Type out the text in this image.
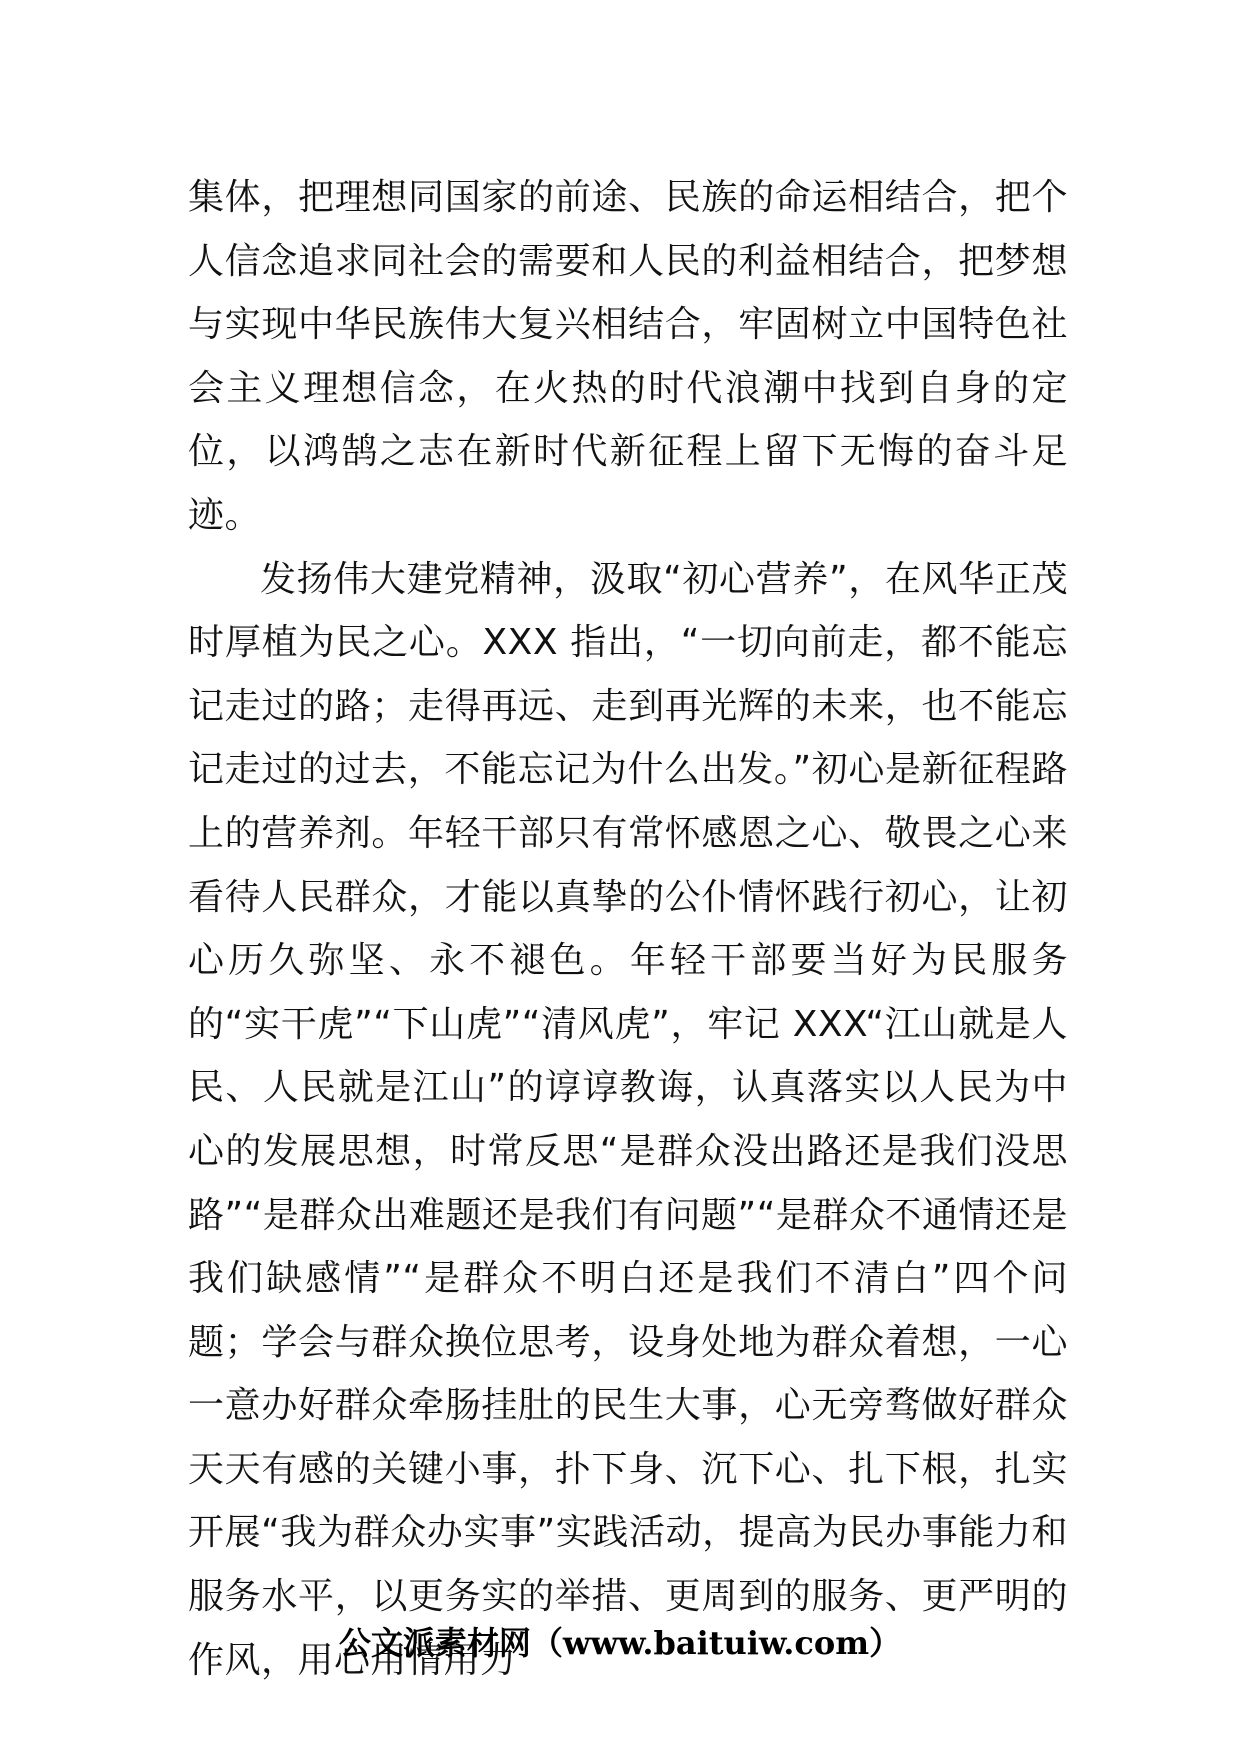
集体，把理想同国家的前途、民族的命运相结合，把个人信念追求同社会的需要和人民的利益相结合，把梦想与实现中华民族伟大复兴相结合，牢固树立中国特色社会主义理想信念，在火热的时代浪潮中找到自身的定位，以鸿鹄之志在新时代新征程上留下无悔的奋斗足迹。

发扬伟大建党精神，汲取“初心营养”，在风华正茂时厚植为民之心。XXX 指出，“一切向前走，都不能忘记走过的路；走得再远、走到再光辉的未来，也不能忘记走过的过去，不能忘记为什么出发。”初心是新征程路上的营养剂。年轻干部只有常怀感恩之心、敬畏之心来看待人民群众，才能以真挚的公仆情怀践行初心，让初心历久弥坚、永不褪色。年轻干部要当好为民服务的“实干虎”“下山虎”“清风虎”，牢记 XXX“江山就是人民、人民就是江山”的谆谆教诲，认真落实以人民为中心的发展思想，时常反思“是群众没出路还是我们没思路”“是群众出难题还是我们有问题”“是群众不通情还是我们缺感情”“是群众不明白还是我们不清白”四个问题；学会与群众换位思考，设身处地为群众着想，一心一意办好群众牵肠挂肚的民生大事，心无旁骛做好群众天天有感的关键小事，扑下身、沉下心、扎下根，扎实开展“我为群众办实事”实践活动，提高为民办事能力和服务水平，以更务实的举措、更周到的服务、更严明的作风，用心用情用力

公文派素材网（www.baituiw.com）
